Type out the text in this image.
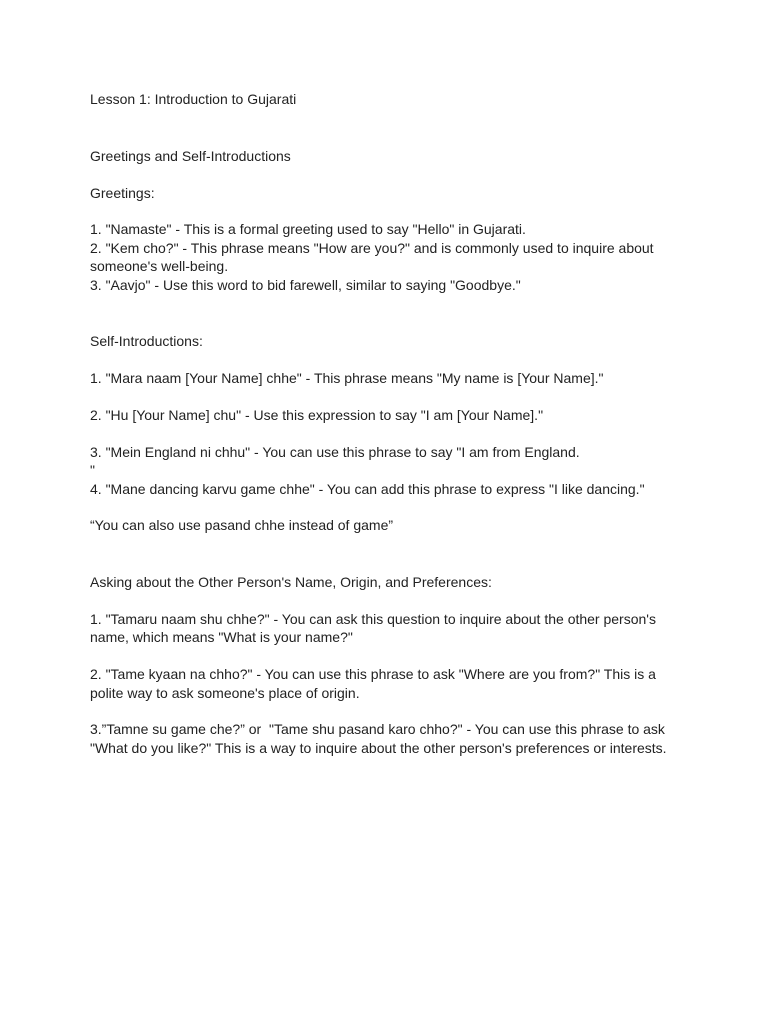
Lesson 1: Introduction to Gujarati

Greetings and Self-Introductions

Greetings:

1. "Namaste" - This is a formal greeting used to say "Hello" in Gujarati.

2. "Kem cho?" - This phrase means "How are you?" and is commonly used to inquire about someone's well-being.

3. "Aavjo" - Use this word to bid farewell, similar to saying "Goodbye."

Self-Introductions:

1. "Mara naam [Your Name] chhe" - This phrase means "My name is [Your Name]."

2. "Hu [Your Name] chu" - Use this expression to say "I am [Your Name]."

3. "Mein England ni chhu" - You can use this phrase to say "I am from England.

"

4. "Mane dancing karvu game chhe" - You can add this phrase to express "I like dancing."

“You can also use pasand chhe instead of game”

Asking about the Other Person's Name, Origin, and Preferences:

1. "Tamaru naam shu chhe?" - You can ask this question to inquire about the other person's

name, which means "What is your name?"

2. "Tame kyaan na chho?" - You can use this phrase to ask "Where are you from?" This is a

polite way to ask someone's place of origin.

3.”Tamne su game che?” or  "Tame shu pasand karo chho?" - You can use this phrase to ask

"What do you like?" This is a way to inquire about the other person's preferences or interests.
